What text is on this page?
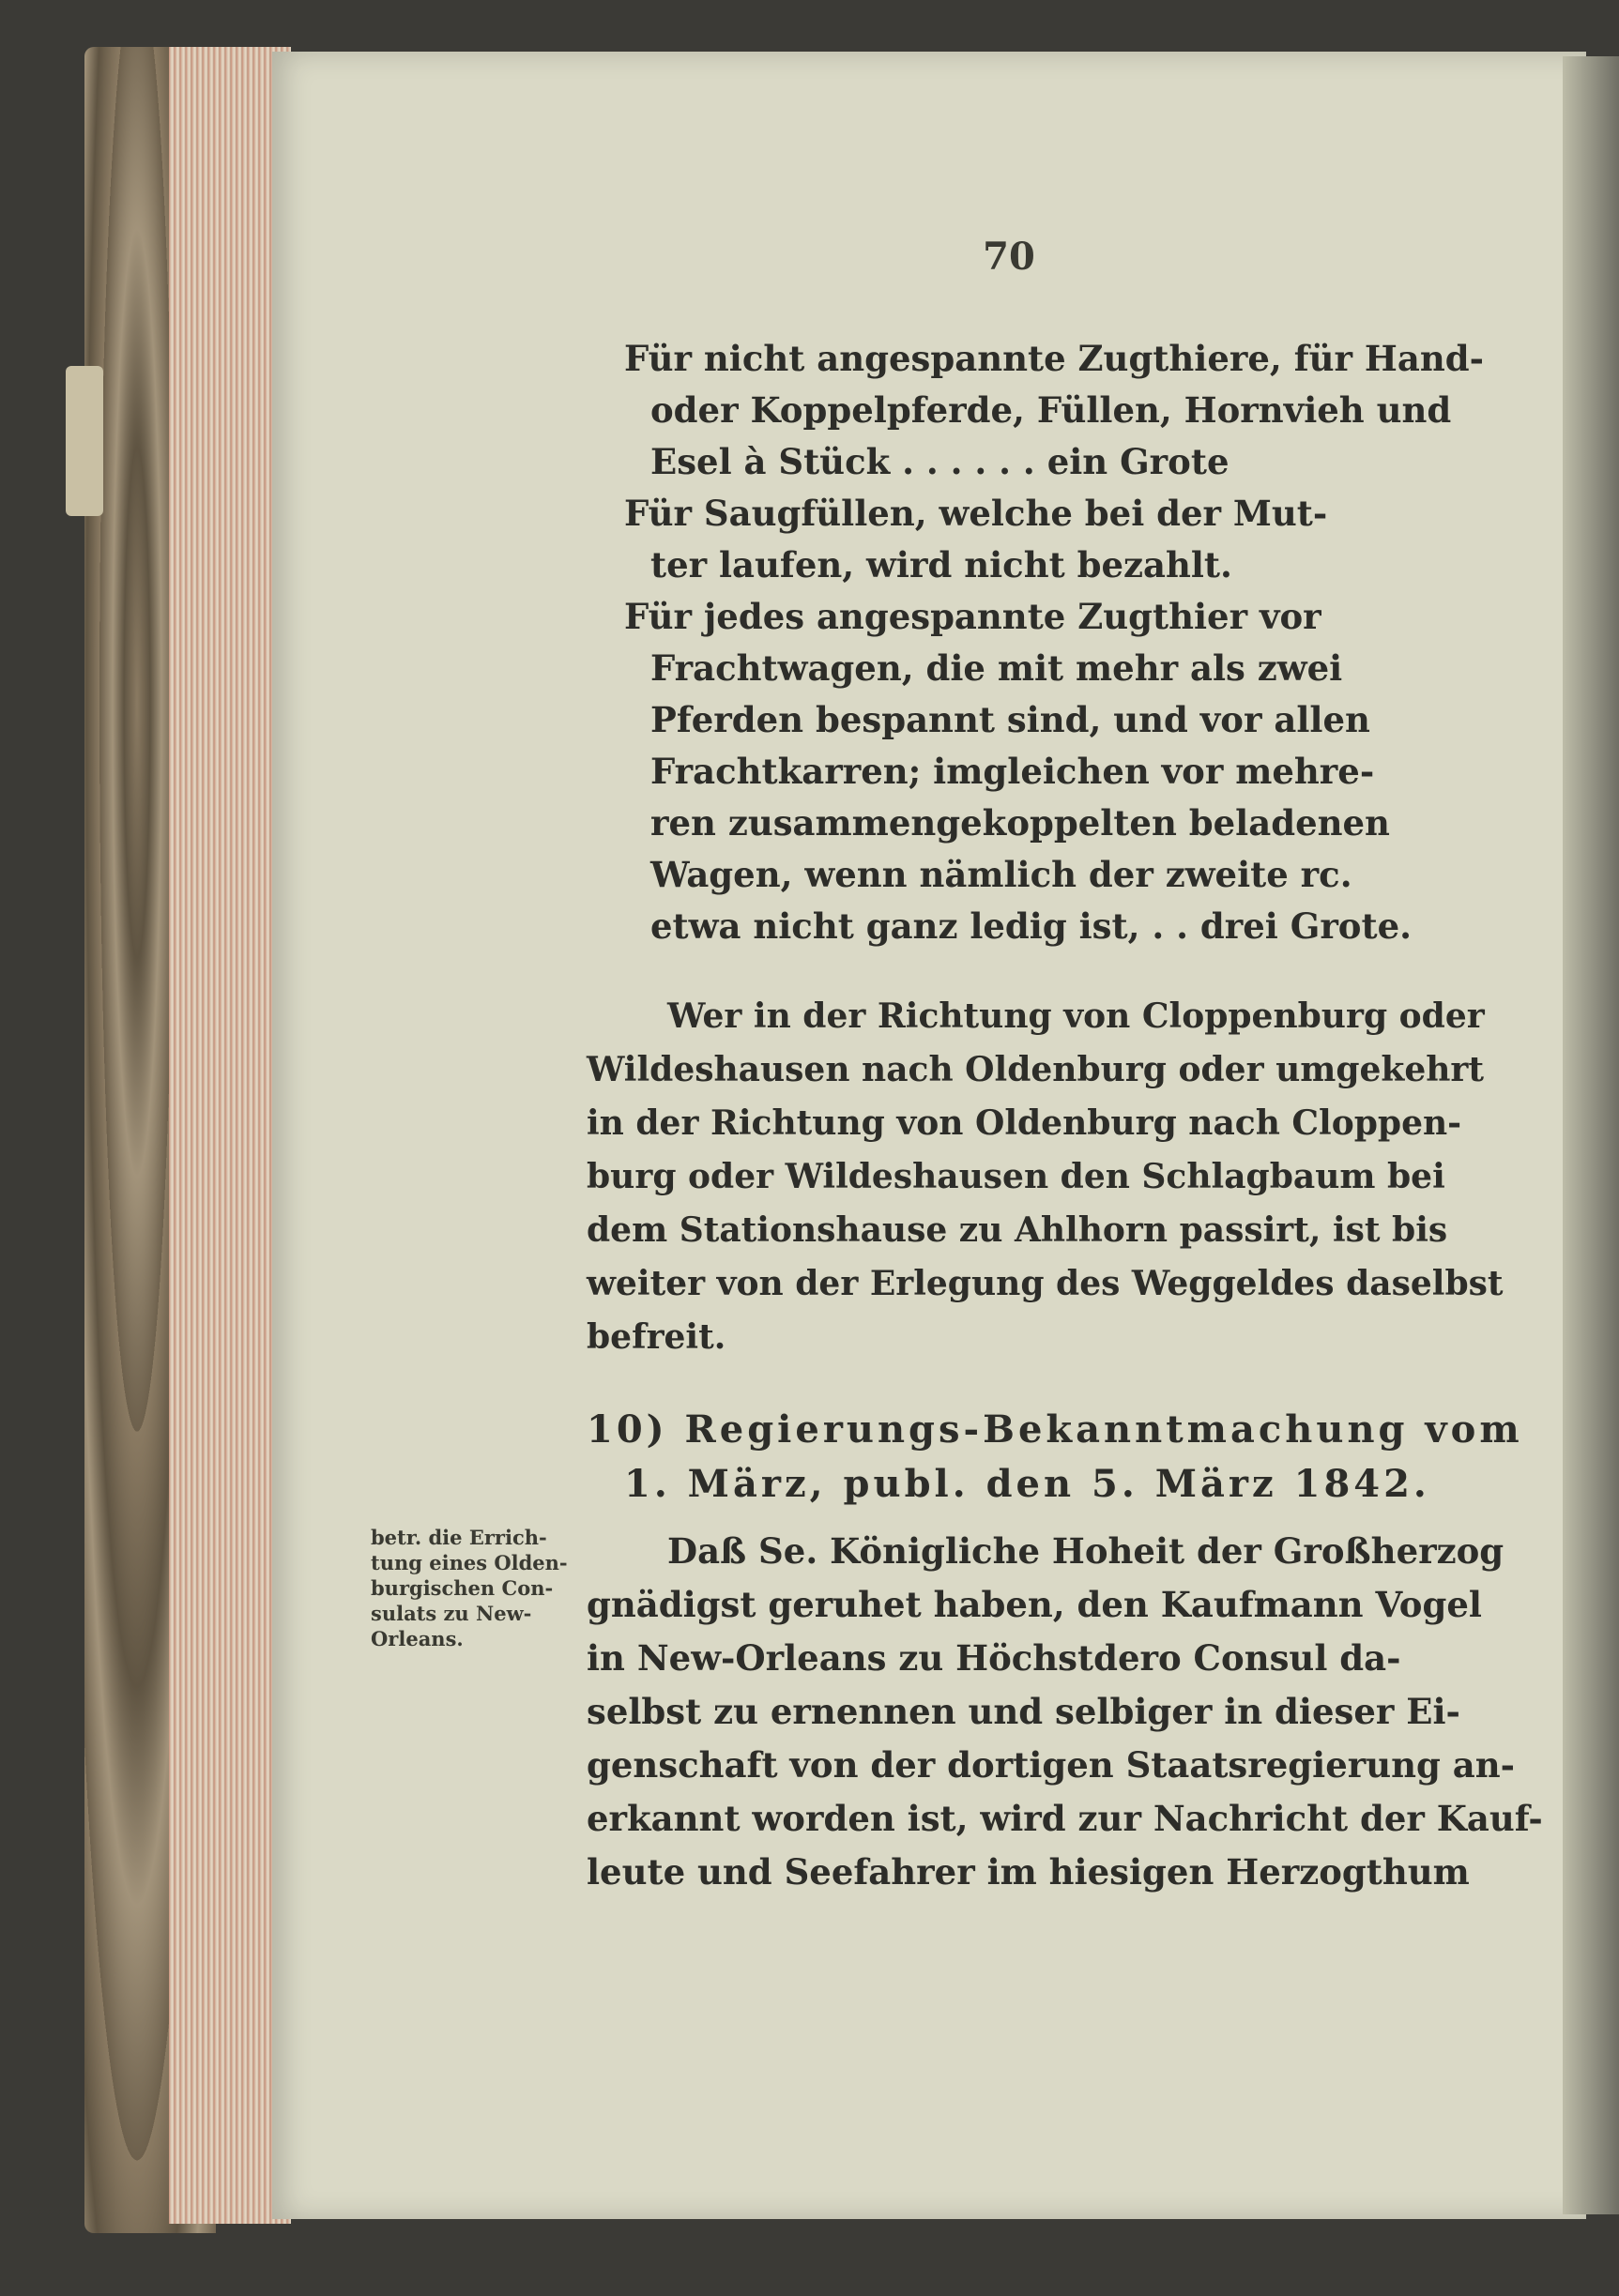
70
Für nicht angespannte Zugthiere, für Hand-
oder Koppelpferde, Füllen, Hornvieh und
Esel à Stück . . . . . . ein Grote
Für Saugfüllen, welche bei der Mut-
ter laufen, wird nicht bezahlt.
Für jedes angespannte Zugthier vor
Frachtwagen, die mit mehr als zwei
Pferden bespannt sind, und vor allen
Frachtkarren; imgleichen vor mehre-
ren zusammengekoppelten beladenen
Wagen, wenn nämlich der zweite rc.
etwa nicht ganz ledig ist, . . drei Grote.
Wer in der Richtung von Cloppenburg oder
Wildeshausen nach Oldenburg oder umgekehrt
in der Richtung von Oldenburg nach Cloppen-
burg oder Wildeshausen den Schlagbaum bei
dem Stationshause zu Ahlhorn passirt, ist bis
weiter von der Erlegung des Weggeldes daselbst
befreit.
10) Regierungs-Bekanntmachung vom
1. März, publ. den 5. März 1842.
betr. die Errich-
tung eines Olden-
burgischen Con-
sulats zu New-
Orleans.
Daß Se. Königliche Hoheit der Großherzog
gnädigst geruhet haben, den Kaufmann Vogel
in New-Orleans zu Höchstdero Consul da-
selbst zu ernennen und selbiger in dieser Ei-
genschaft von der dortigen Staatsregierung an-
erkannt worden ist, wird zur Nachricht der Kauf-
leute und Seefahrer im hiesigen Herzogthum
